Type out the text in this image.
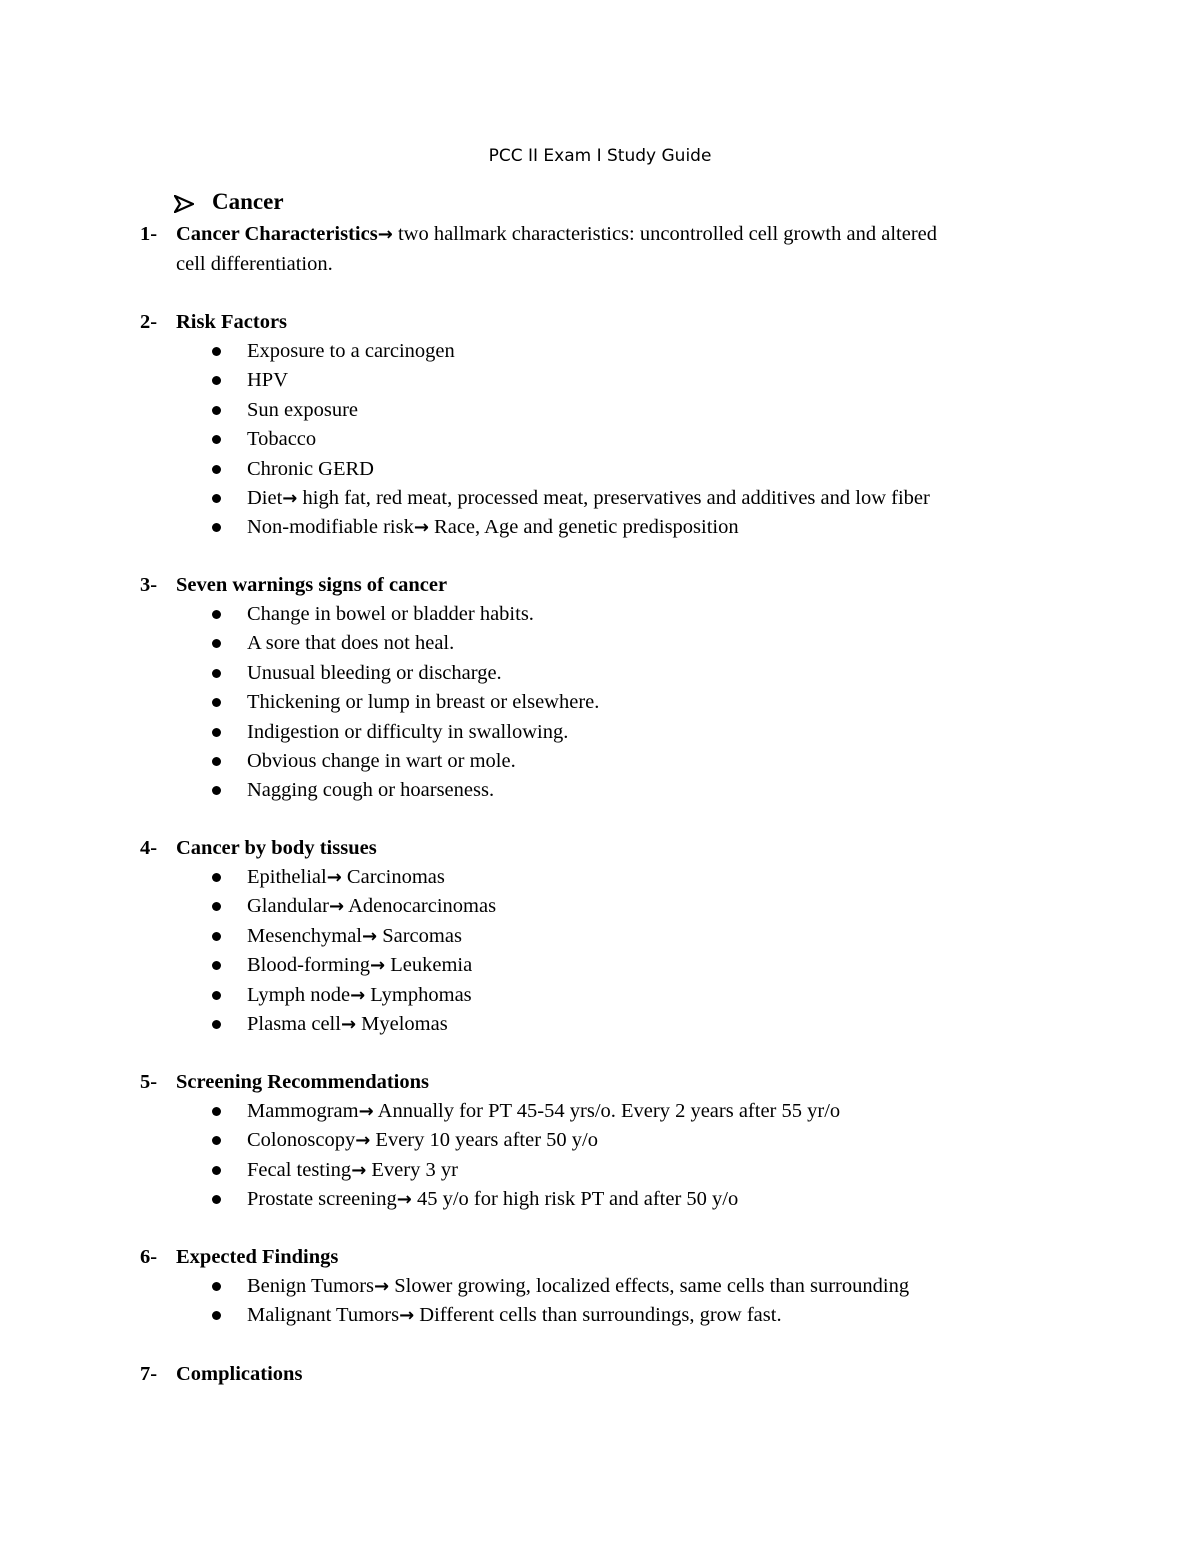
PCC II Exam I Study Guide
Cancer
1- Cancer Characteristics→ two hallmark characteristics: uncontrolled cell growth and altered
cell differentiation.
2- Risk Factors
Exposure to a carcinogen
HPV
Sun exposure
Tobacco
Chronic GERD
Diet→ high fat, red meat, processed meat, preservatives and additives and low fiber
Non-modifiable risk→ Race, Age and genetic predisposition
3- Seven warnings signs of cancer
Change in bowel or bladder habits.
A sore that does not heal.
Unusual bleeding or discharge.
Thickening or lump in breast or elsewhere.
Indigestion or difficulty in swallowing.
Obvious change in wart or mole.
Nagging cough or hoarseness.
4- Cancer by body tissues
Epithelial→ Carcinomas
Glandular→ Adenocarcinomas
Mesenchymal→ Sarcomas
Blood-forming→ Leukemia
Lymph node→ Lymphomas
Plasma cell→ Myelomas
5- Screening Recommendations
Mammogram→ Annually for PT 45-54 yrs/o. Every 2 years after 55 yr/o
Colonoscopy→ Every 10 years after 50 y/o
Fecal testing→ Every 3 yr
Prostate screening→ 45 y/o for high risk PT and after 50 y/o
6- Expected Findings
Benign Tumors→ Slower growing, localized effects, same cells than surrounding
Malignant Tumors→ Different cells than surroundings, grow fast.
7- Complications
